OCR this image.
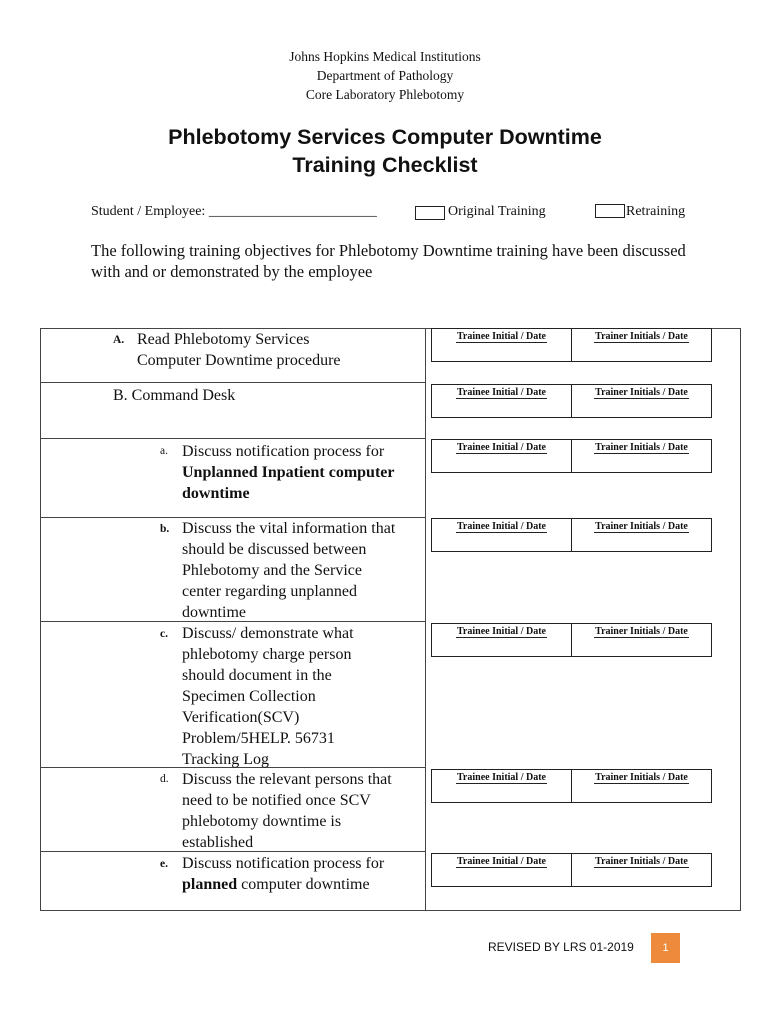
Johns Hopkins Medical Institutions
Department of Pathology
Core Laboratory Phlebotomy
Phlebotomy Services Computer Downtime
Training Checklist
Student / Employee: ________________________	Original Training	Retraining
The following training objectives for Phlebotomy Downtime training have been discussed with and or demonstrated by the employee
A. Read Phlebotomy Services
Computer Downtime procedure
Trainee Initial / Date	Trainer Initials / Date
B. Command Desk	Trainee Initial / Date	Trainer Initials / Date
a. Discuss notification process for
Unplanned Inpatient computer
downtime
Trainee Initial / Date	Trainer Initials / Date
b. Discuss the vital information that
should be discussed between
Phlebotomy and the Service
center regarding unplanned
downtime
Trainee Initial / Date	Trainer Initials / Date
c. Discuss/ demonstrate what
phlebotomy charge person
should document in the
Specimen Collection
Verification(SCV)
Problem/5HELP. 56731
Tracking Log
Trainee Initial / Date	Trainer Initials / Date
d. Discuss the relevant persons that
need to be notified once SCV
phlebotomy downtime is
established
Trainee Initial / Date	Trainer Initials / Date
e. Discuss notification process for
planned computer downtime
Trainee Initial / Date	Trainer Initials / Date
REVISED BY LRS 01-2019	1
